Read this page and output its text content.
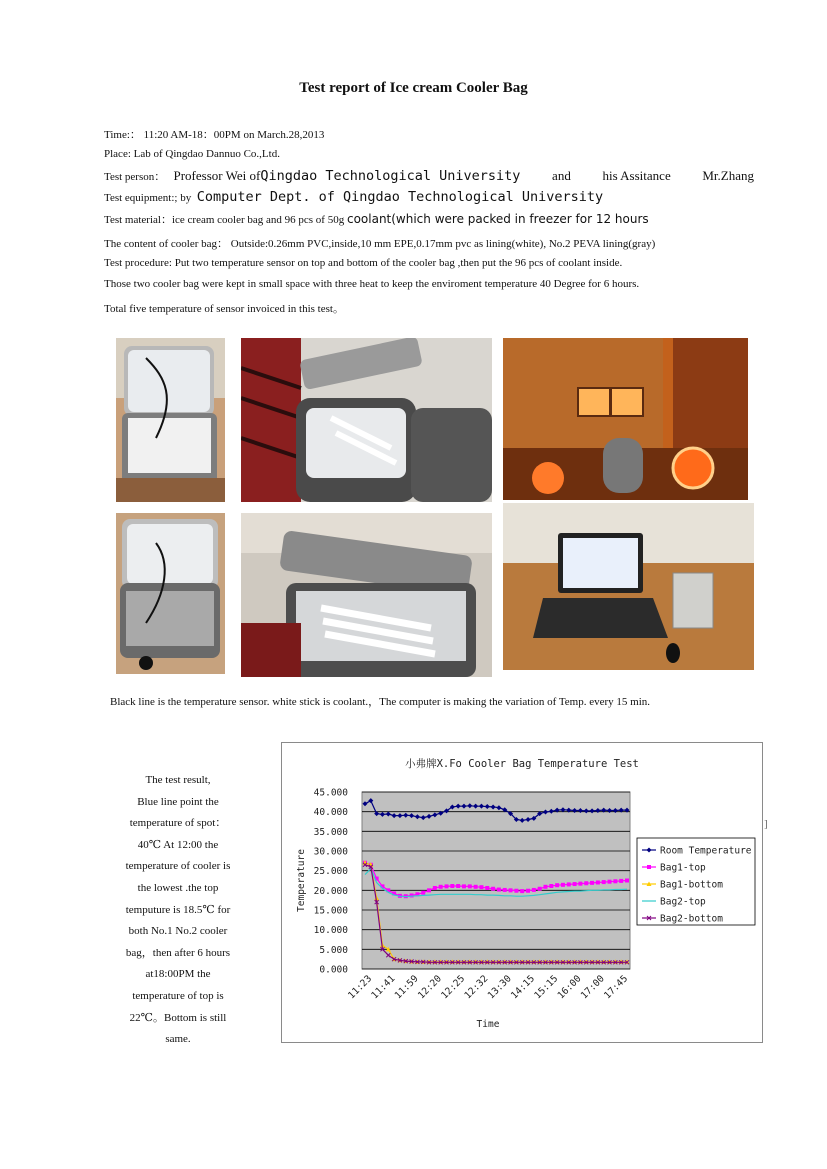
Test report of Ice cream Cooler Bag
Time:： 11:20 AM-18：00PM on March.28,2013
Place: Lab of Qingdao Dannuo Co.,Ltd.
Test person： Professor Wei ofQingdao Technological University and his Assitance Mr.Zhang
Test equipment:; by Computer Dept. of Qingdao Technological University
Test material：ice cream cooler bag and 96 pcs of 50g coolant(which were packed in freezer for 12 hours
The content of cooler bag： Outside:0.26mm PVC,inside,10 mm EPE,0.17mm pvc as lining(white), No.2 PEVA lining(gray)
Test procedure: Put two temperature sensor on top and bottom of the cooler bag ,then put the 96 pcs of coolant inside.
Those two cooler bag were kept in small space with three heat to keep the enviroment temperature 40 Degree for 6 hours.
Total five temperature of sensor invoiced in this test。
Black line is the temperature sensor. white stick is coolant.，The computer is making the variation of Temp. every 15 min.
The test result,
Blue line point the
temperature of spot：
40℃ At 12:00 the
temperature of cooler is
the lowest .the top
temputure is 18.5℃ for
both No.1 No.2 cooler
bag，then after 6 hours
at18:00PM the
temperature of top is
22℃。Bottom is still
same.
]
小弗牌X.Fo Cooler Bag Temperature Test
0.000
5.000
10.000
15.000
20.000
25.000
30.000
35.000
40.000
45.000
Temperature
11:23
11:41
11:59
12:20
12:25
12:32
13:30
14:15
15:15
16:00
17:00
17:45
Time
Room Temperature
Bag1-top
Bag1-bottom
Bag2-top
Bag2-bottom
